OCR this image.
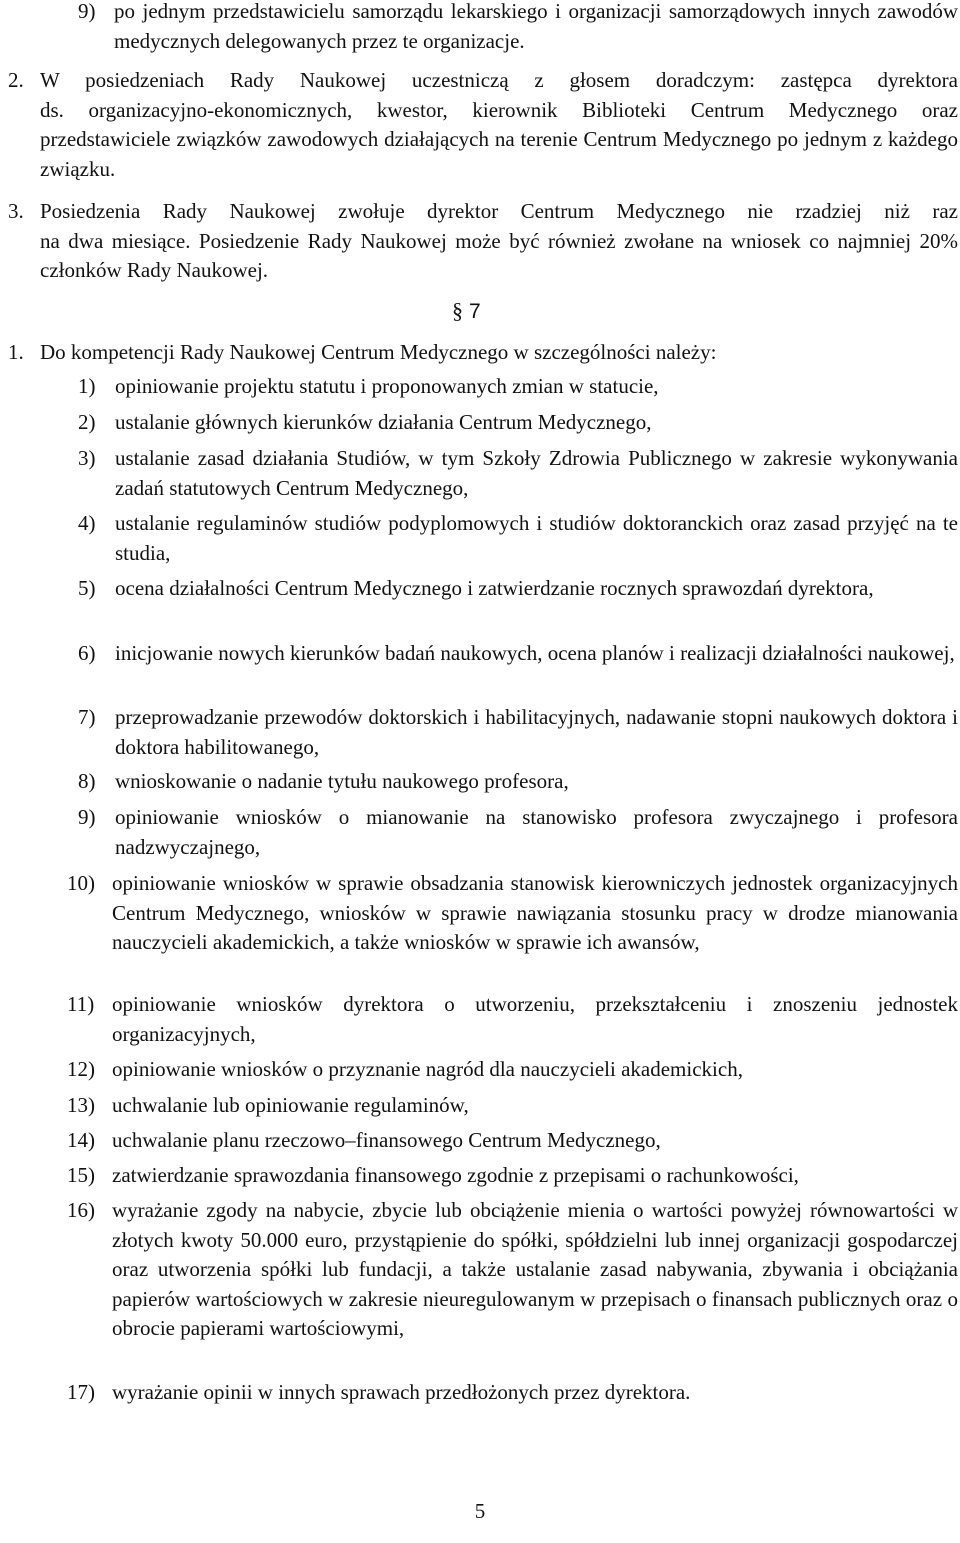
9) po jednym przedstawicielu samorządu lekarskiego i organizacji samorządowych innych zawodów medycznych delegowanych przez te organizacje.
2. W posiedzeniach Rady Naukowej uczestniczą z głosem doradczym: zastępca dyrektora
ds. organizacyjno-ekonomicznych, kwestor, kierownik Biblioteki Centrum Medycznego oraz przedstawiciele związków zawodowych działających na terenie Centrum Medycznego po jednym z każdego związku.
3. Posiedzenia Rady Naukowej zwołuje dyrektor Centrum Medycznego nie rzadziej niż raz
na dwa miesiące. Posiedzenie Rady Naukowej może być również zwołane na wniosek co najmniej 20% członków Rady Naukowej.
§ 7
1. Do kompetencji Rady Naukowej Centrum Medycznego w szczególności należy:
1) opiniowanie projektu statutu i proponowanych zmian w statucie,
2) ustalanie głównych kierunków działania Centrum Medycznego,
3) ustalanie zasad działania Studiów, w tym Szkoły Zdrowia Publicznego w zakresie wykonywania zadań statutowych Centrum Medycznego,
4) ustalanie regulaminów studiów podyplomowych i studiów doktoranckich oraz zasad przyjęć na te studia,
5) ocena działalności Centrum Medycznego i zatwierdzanie rocznych sprawozdań dyrektora,
6) inicjowanie nowych kierunków badań naukowych, ocena planów i realizacji działalności naukowej,
7) przeprowadzanie przewodów doktorskich i habilitacyjnych, nadawanie stopni naukowych doktora i doktora habilitowanego,
8) wnioskowanie o nadanie tytułu naukowego profesora,
9) opiniowanie wniosków o mianowanie na stanowisko profesora zwyczajnego i profesora nadzwyczajnego,
10) opiniowanie wniosków w sprawie obsadzania stanowisk kierowniczych jednostek organizacyjnych Centrum Medycznego, wniosków w sprawie nawiązania stosunku pracy w drodze mianowania nauczycieli akademickich, a także wniosków w sprawie ich awansów,
11) opiniowanie wniosków dyrektora o utworzeniu, przekształceniu i znoszeniu jednostek organizacyjnych,
12) opiniowanie wniosków o przyznanie nagród dla nauczycieli akademickich,
13) uchwalanie lub opiniowanie regulaminów,
14) uchwalanie planu rzeczowo–finansowego Centrum Medycznego,
15) zatwierdzanie sprawozdania finansowego zgodnie z przepisami o rachunkowości,
16) wyrażanie zgody na nabycie, zbycie lub obciążenie mienia o wartości powyżej równowartości w złotych kwoty 50.000 euro, przystąpienie do spółki, spółdzielni lub innej organizacji gospodarczej oraz utworzenia spółki lub fundacji, a także ustalanie zasad nabywania, zbywania i obciążania papierów wartościowych w zakresie nieuregulowanym w przepisach o finansach publicznych oraz o obrocie papierami wartościowymi,
17) wyrażanie opinii w innych sprawach przedłożonych przez dyrektora.
5
